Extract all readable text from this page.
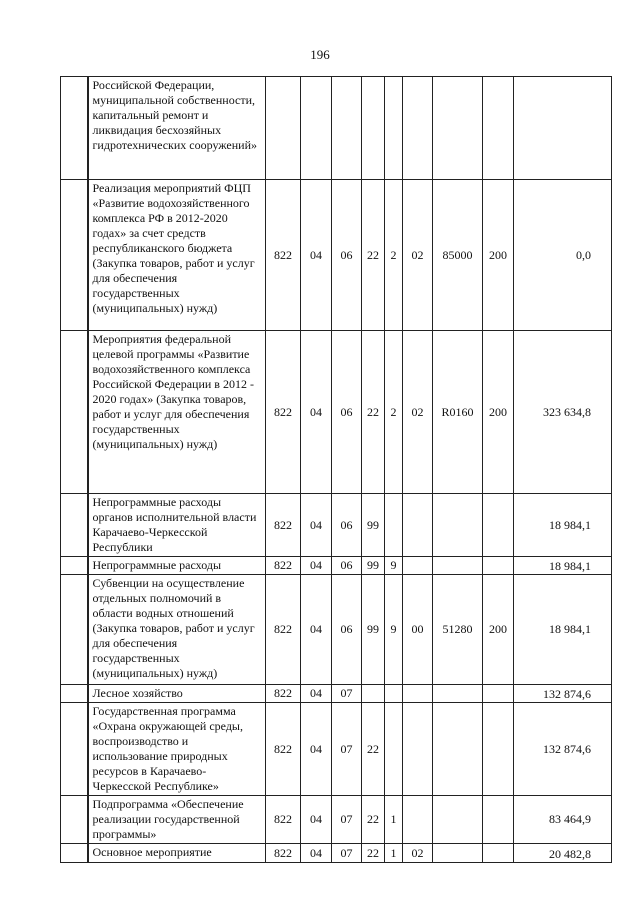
196
	Российской Федерации, муниципальной собственности, капитальный ремонт и ликвидация бесхозяйных гидротехнических сооружений»									
	Реализация мероприятий ФЦП «Развитие водохозяйственного комплекса РФ в 2012-2020 годах» за счет средств республиканского бюджета (Закупка товаров, работ и услуг для обеспечения государственных (муниципальных) нужд)	822	04	06	22	2	02	85000	200	0,0
	Мероприятия федеральной целевой программы «Развитие водохозяйственного комплекса Российской Федерации в 2012 - 2020 годах» (Закупка товаров, работ и услуг для обеспечения государственных (муниципальных) нужд)	822	04	06	22	2	02	R0160	200	323 634,8
	Непрограммные расходы органов исполнительной власти Карачаево-Черкесской Республики	822	04	06	99					18 984,1
	Непрограммные расходы	822	04	06	99	9				18 984,1
	Субвенции на осуществление отдельных полномочий в области водных отношений (Закупка товаров, работ и услуг для обеспечения государственных (муниципальных) нужд)	822	04	06	99	9	00	51280	200	18 984,1
	Лесное хозяйство	822	04	07						132 874,6
	Государственная программа «Охрана окружающей среды, воспроизводство и использование природных ресурсов в Карачаево-Черкесской Республике»	822	04	07	22					132 874,6
	Подпрограмма «Обеспечение реализации государственной программы»	822	04	07	22	1				83 464,9
	Основное мероприятие	822	04	07	22	1	02			20 482,8
